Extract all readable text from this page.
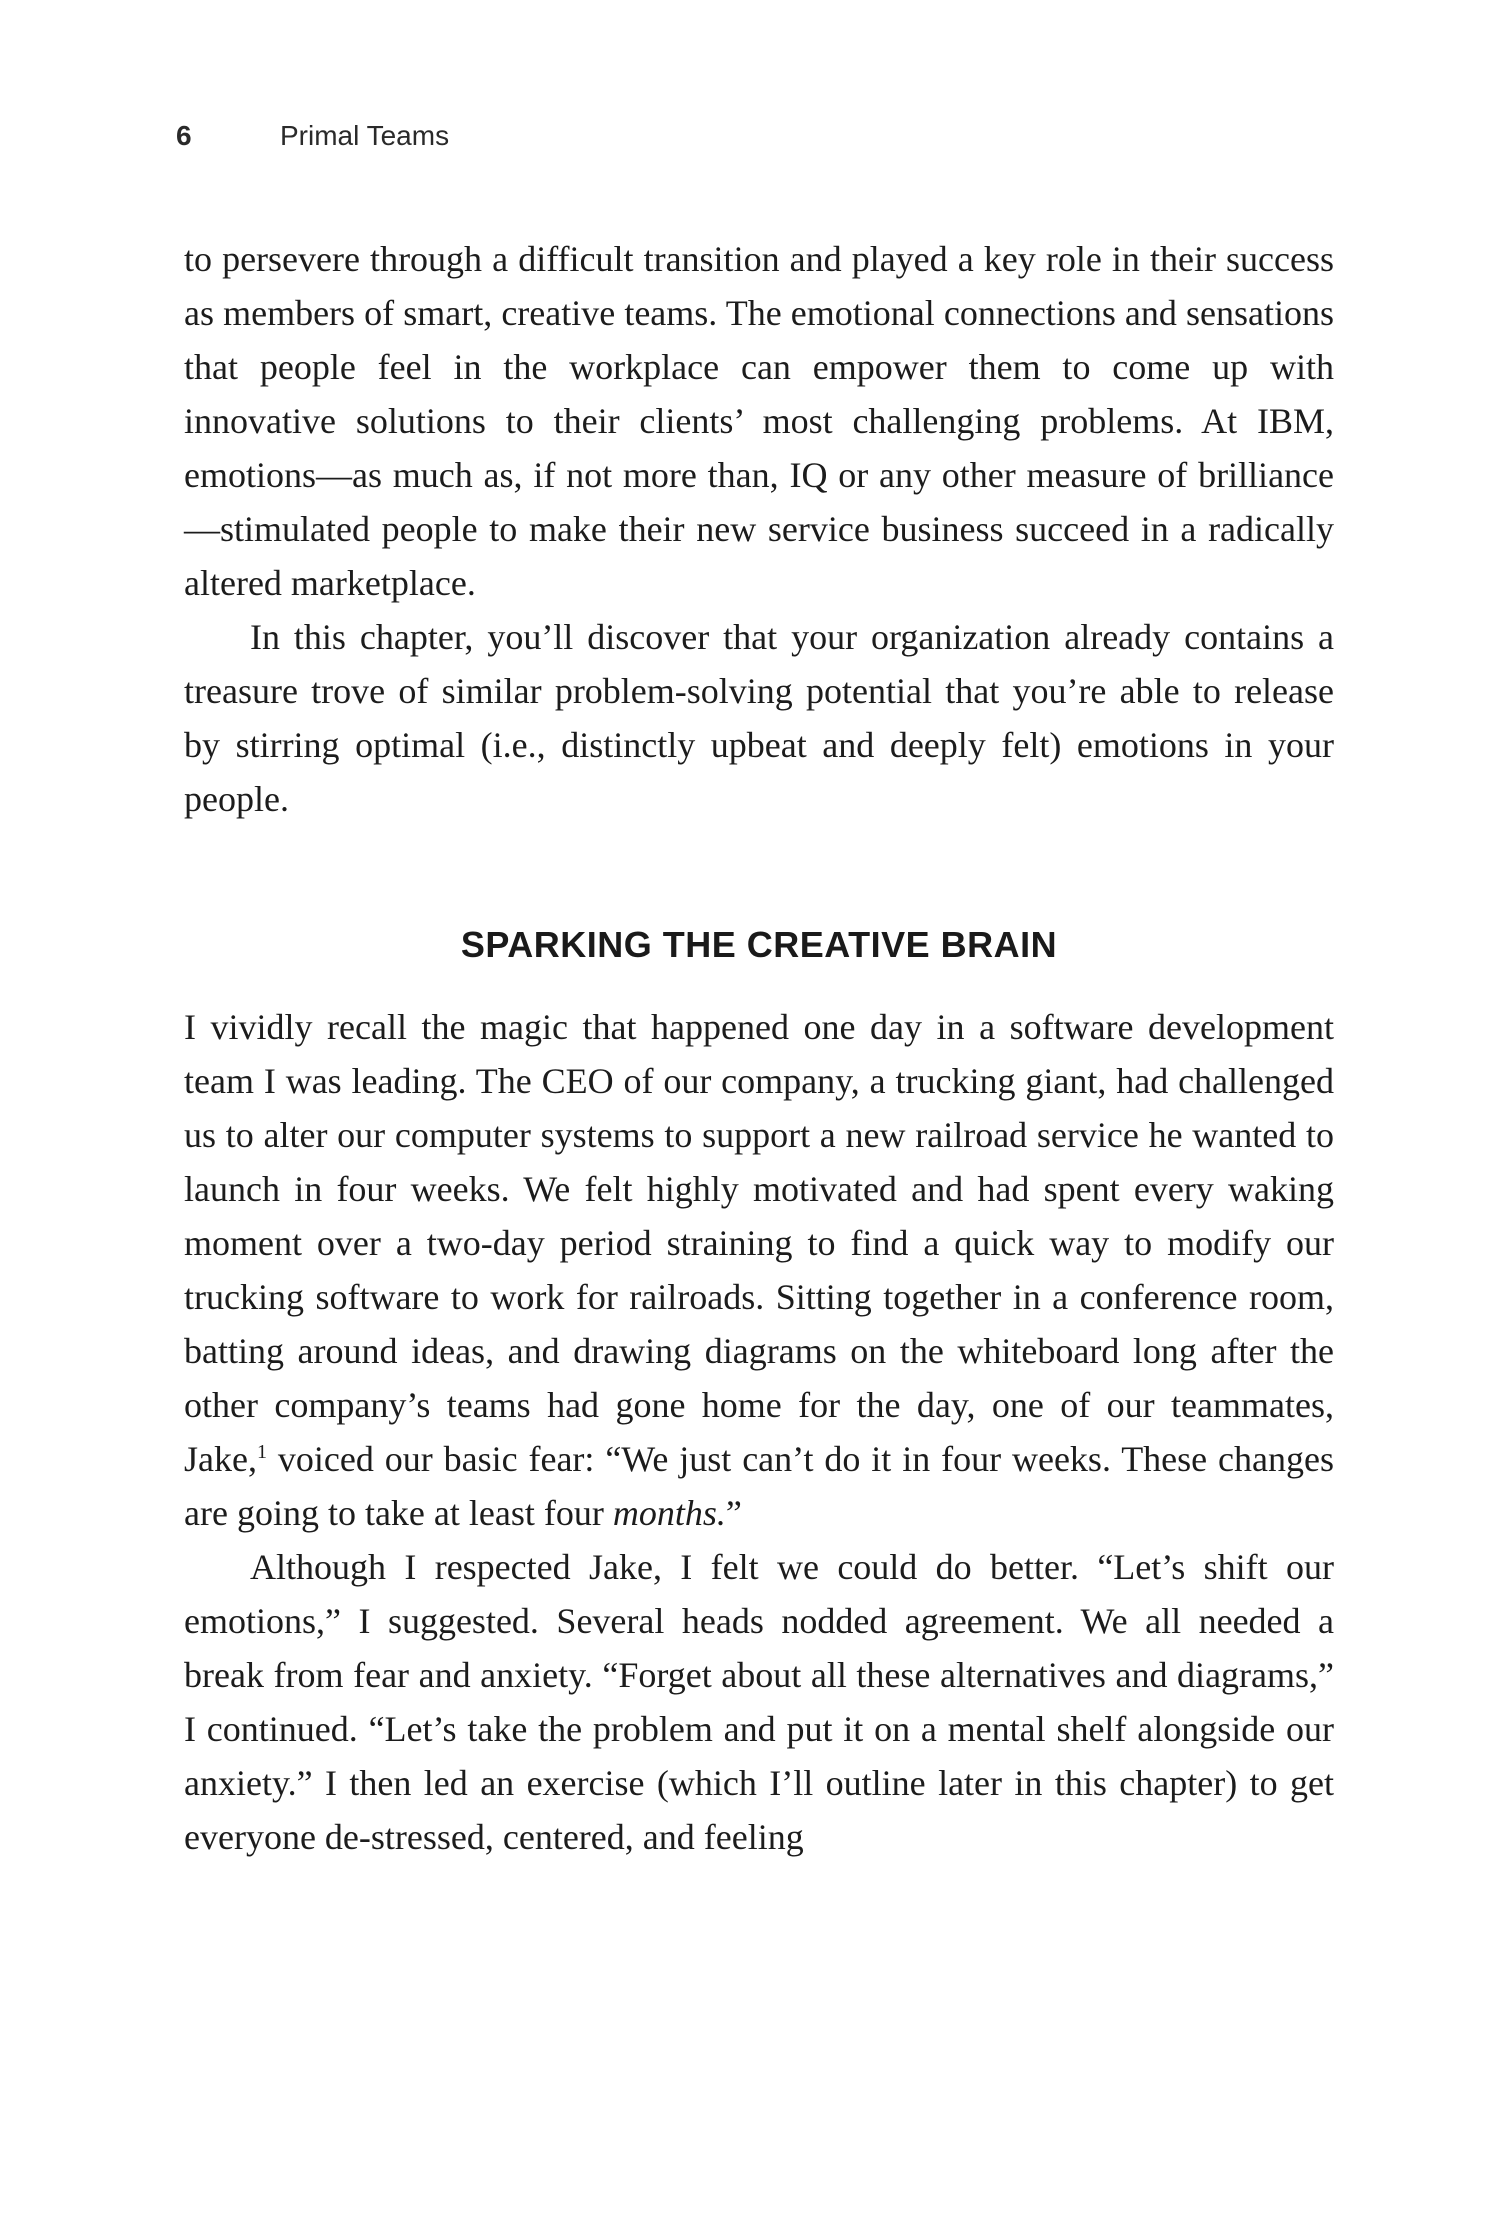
6	Primal Teams

to persevere through a difficult transition and played a key role in their success as members of smart, creative teams. The emotional connections and sensations that people feel in the workplace can empower them to come up with innovative solutions to their clients’ most challenging problems. At IBM, emotions—as much as, if not more than, IQ or any other measure of brilliance—stimulated people to make their new service business succeed in a radically altered marketplace.

In this chapter, you’ll discover that your organization already contains a treasure trove of similar problem-solving potential that you’re able to release by stirring optimal (i.e., distinctly upbeat and deeply felt) emotions in your people.

SPARKING THE CREATIVE BRAIN

I vividly recall the magic that happened one day in a software development team I was leading. The CEO of our company, a trucking giant, had challenged us to alter our computer systems to support a new railroad service he wanted to launch in four weeks. We felt highly motivated and had spent every waking moment over a two-day period straining to find a quick way to modify our trucking software to work for railroads. Sitting together in a conference room, batting around ideas, and drawing diagrams on the whiteboard long after the other company’s teams had gone home for the day, one of our teammates, Jake,$^1$ voiced our basic fear: “We just can’t do it in four weeks. These changes are going to take at least four months.”

Although I respected Jake, I felt we could do better. “Let’s shift our emotions,” I suggested. Several heads nodded agreement. We all needed a break from fear and anxiety. “Forget about all these alternatives and diagrams,” I continued. “Let’s take the problem and put it on a mental shelf alongside our anxiety.” I then led an exercise (which I’ll outline later in this chapter) to get everyone de-stressed, centered, and feeling
